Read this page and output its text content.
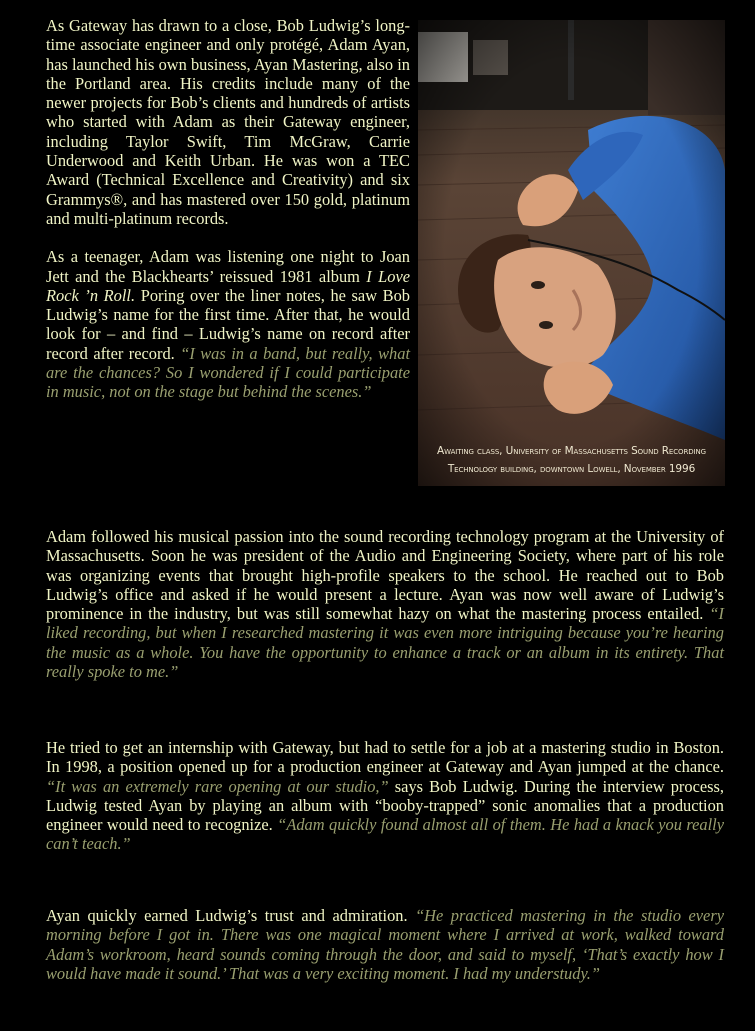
As Gateway has drawn to a close, Bob Ludwig’s long-time associate engineer and only protégé, Adam Ayan, has launched his own business, Ayan Mastering, also in the Portland area. His credits include many of the newer projects for Bob’s clients and hundreds of artists who started with Adam as their Gateway engineer, including Taylor Swift, Tim McGraw, Carrie Underwood and Keith Urban. He was won a TEC Award (Technical Excellence and Creativity) and six Grammys®, and has mastered over 150 gold, platinum and multi-platinum records.

As a teenager, Adam was listening one night to Joan Jett and the Blackhearts’ reissued 1981 album I Love Rock ’n Roll. Poring over the liner notes, he saw Bob Ludwig’s name for the first time. After that, he would look for – and find – Ludwig’s name on record after record after record. “I was in a band, but really, what are the chances? So I wondered if I could participate in music, not on the stage but behind the scenes.”

Awaiting class, University of Massachusetts Sound Recording
Technology building, downtown Lowell, November 1996

Adam followed his musical passion into the sound recording technology program at the University of Massachusetts. Soon he was president of the Audio and Engineering Society, where part of his role was organizing events that brought high-profile speakers to the school. He reached out to Bob Ludwig’s office and asked if he would present a lecture. Ayan was now well aware of Ludwig’s prominence in the industry, but was still somewhat hazy on what the mastering process entailed. “I liked recording, but when I researched mastering it was even more intriguing because you’re hearing the music as a whole. You have the opportunity to enhance a track or an album in its entirety. That really spoke to me.”

He tried to get an internship with Gateway, but had to settle for a job at a mastering studio in Boston. In 1998, a position opened up for a production engineer at Gateway and Ayan jumped at the chance. “It was an extremely rare opening at our studio,” says Bob Ludwig. During the interview process, Ludwig tested Ayan by playing an album with “booby-trapped” sonic anomalies that a production engineer would need to recognize. “Adam quickly found almost all of them. He had a knack you really can’t teach.”

Ayan quickly earned Ludwig’s trust and admiration. “He practiced mastering in the studio every morning before I got in. There was one magical moment where I arrived at work, walked toward Adam’s workroom, heard sounds coming through the door, and said to myself, ‘That’s exactly how I would have made it sound.’ That was a very exciting moment. I had my understudy.”
